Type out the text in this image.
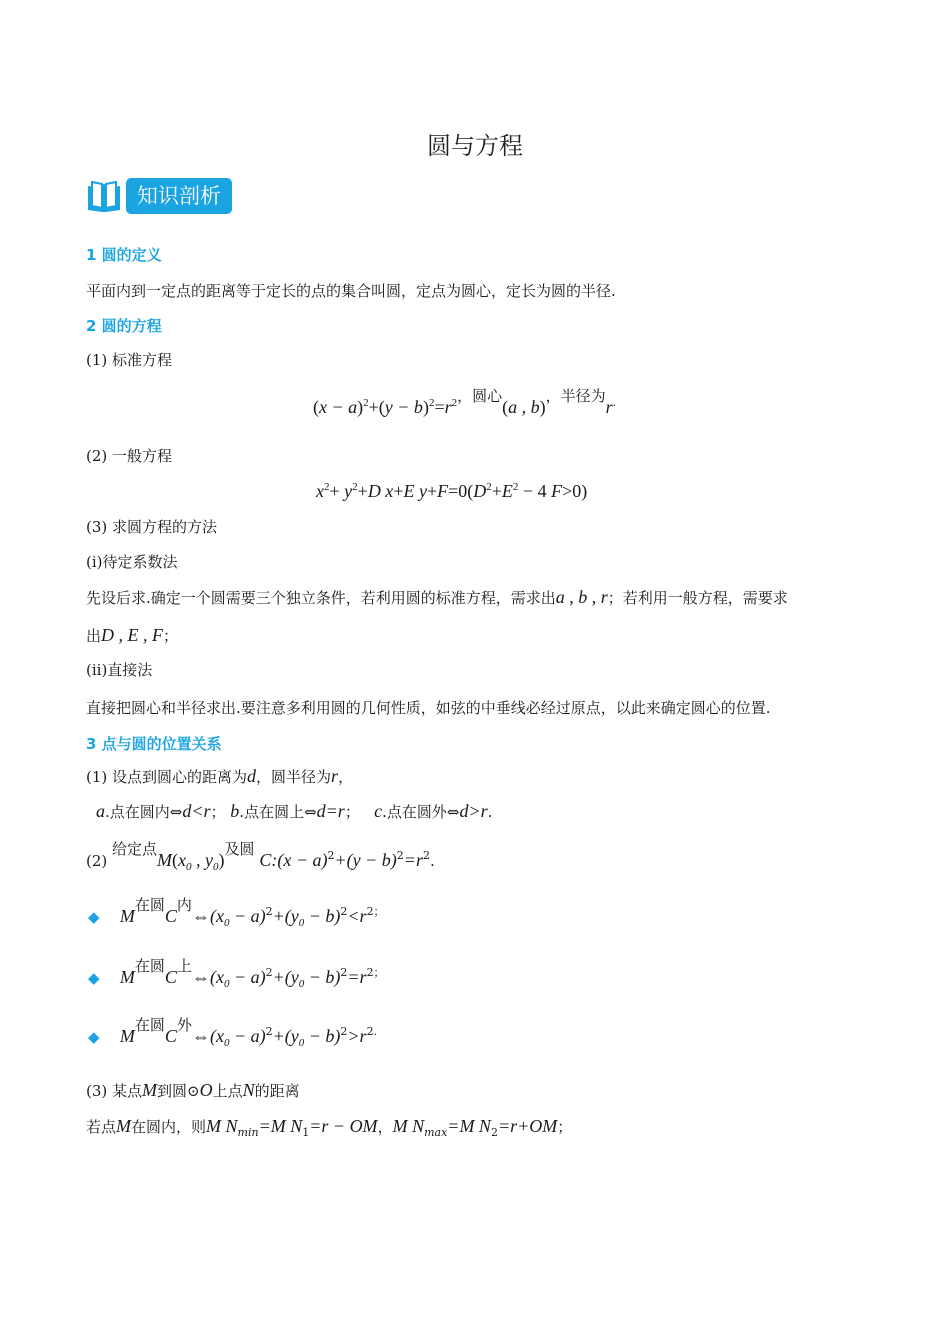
圆与方程
知识剖析
1 圆的定义
平面内到一定点的距离等于定长的点的集合叫圆，定点为圆心，定长为圆的半径.
2 圆的方程
(1) 标准方程
$(x - a)^2+(y - b)^2=r^2$，圆心(a , b)，半径为r.
(2) 一般方程
$x^2+ y^2+D$ x+E $y+F=0(D^2+E^2 - 4$ F>0)
(3) 求圆方程的方法
(i)待定系数法
先设后求.确定一个圆需要三个独立条件，若利用圆的标准方程，需求出a , b , r；若利用一般方程，需要求
出D , E , F；
(ii)直接法
直接把圆心和半径求出.要注意多利用圆的几何性质，如弦的中垂线必经过原点，以此来确定圆心的位置.
3 点与圆的位置关系
(1) 设点到圆心的距离为d，圆半径为r，
a.点在圆内⇔d<r； b.点在圆上⇔d=r；   c.点在圆外⇔d>r.
(2) 给定点$M(x_0$ , $y_0$)及圆 C:(x − $a)^2+(y - b)^2=r^2$.
◆ M在圆C内$\Leftrightarrow(x_0 - a)^2+(y_0 - b)^2<r^{2;}$
◆ M在圆C上$\Leftrightarrow(x_0 - a)^2+(y_0 - b)^2=r^{2;}$
◆ M在圆C外$\Leftrightarrow(x_0 - a)^2+(y_0 - b)^2>r^{2.}$
(3) 某点M到圆⊙O上点N的距离
若点M在圆内，则M $N_{min}=M$ $N_1=r$ − OM，M $N_{max}=M$ $N_2=r+OM$；
